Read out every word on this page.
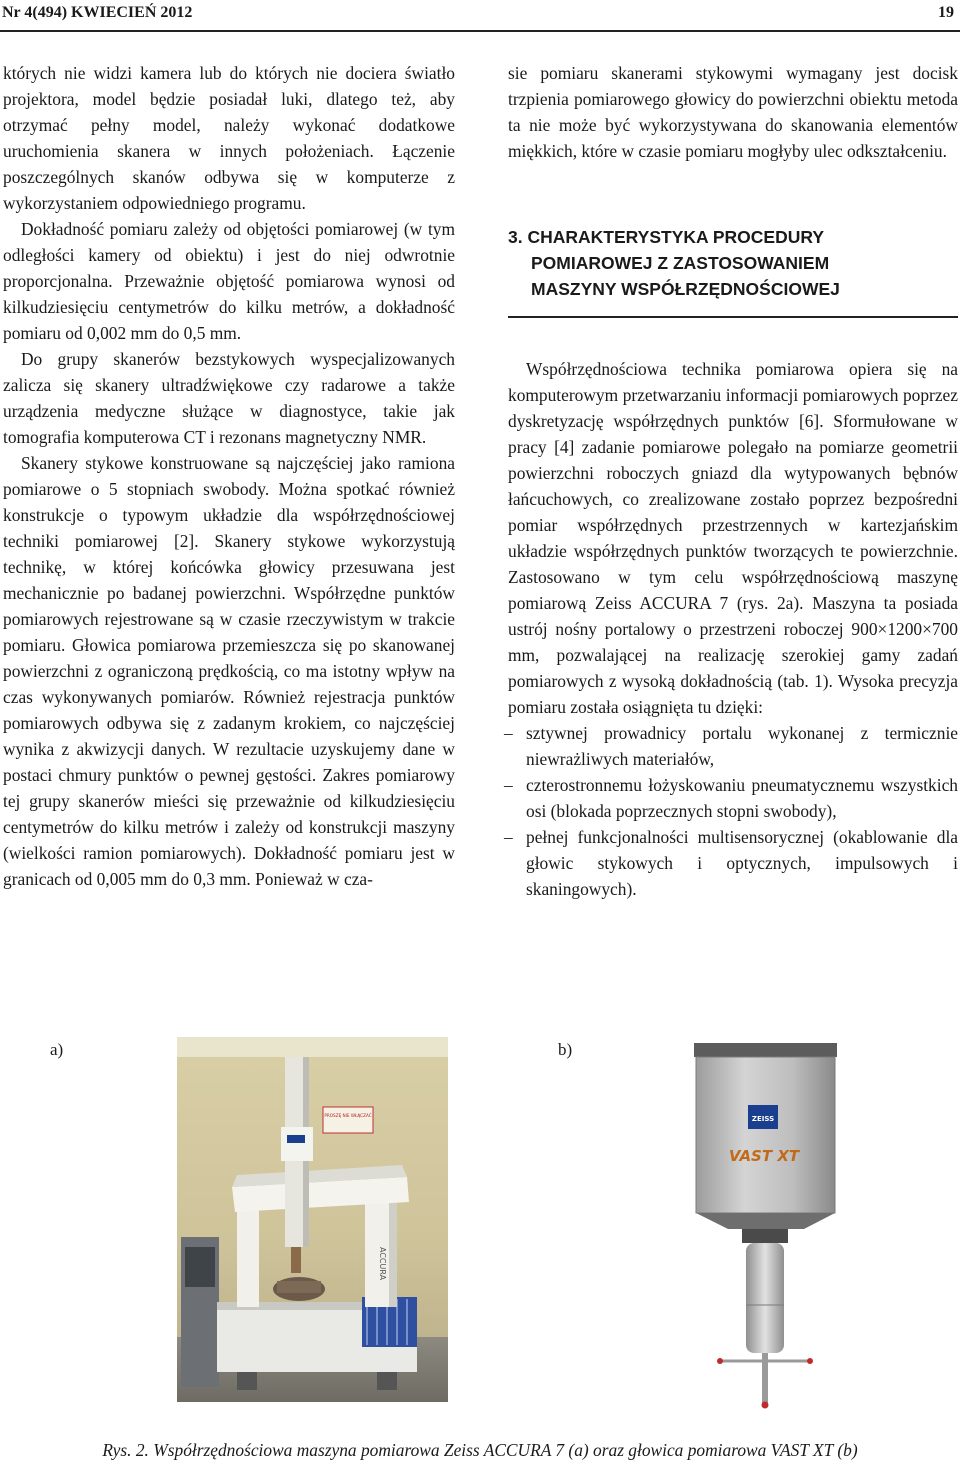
Nr 4(494) KWIECIEŃ 2012	19

których nie widzi kamera lub do których nie dociera światło projektora, model będzie posiadał luki, dlatego też, aby otrzymać pełny model, należy wykonać dodatkowe uruchomienia skanera w innych położeniach. Łączenie poszczególnych skanów odbywa się w komputerze z wykorzystaniem odpowiedniego programu.

Dokładność pomiaru zależy od objętości pomiarowej (w tym odległości kamery od obiektu) i jest do niej odwrotnie proporcjonalna. Przeważnie objętość pomiarowa wynosi od kilkudziesięciu centymetrów do kilku metrów, a dokładność pomiaru od 0,002 mm do 0,5 mm.

Do grupy skanerów bezstykowych wyspecjalizowanych zalicza się skanery ultradźwiękowe czy radarowe a także urządzenia medyczne służące w diagnostyce, takie jak tomografia komputerowa CT i rezonans magnetyczny NMR.

Skanery stykowe konstruowane są najczęściej jako ramiona pomiarowe o 5 stopniach swobody. Można spotkać również konstrukcje o typowym układzie dla współrzędnościowej techniki pomiarowej [2]. Skanery stykowe wykorzystują technikę, w której końcówka głowicy przesuwana jest mechanicznie po badanej powierzchni. Współrzędne punktów pomiarowych rejestrowane są w czasie rzeczywistym w trakcie pomiaru. Głowica pomiarowa przemieszcza się po skanowanej powierzchni z ograniczoną prędkością, co ma istotny wpływ na czas wykonywanych pomiarów. Również rejestracja punktów pomiarowych odbywa się z zadanym krokiem, co najczęściej wynika z akwizycji danych. W rezultacie uzyskujemy dane w postaci chmury punktów o pewnej gęstości. Zakres pomiarowy tej grupy skanerów mieści się przeważnie od kilkudziesięciu centymetrów do kilku metrów i zależy od konstrukcji maszyny (wielkości ramion pomiarowych). Dokładność pomiaru jest w granicach od 0,005 mm do 0,3 mm. Ponieważ w cza-

sie pomiaru skanerami stykowymi wymagany jest docisk trzpienia pomiarowego głowicy do powierzchni obiektu metoda ta nie może być wykorzystywana do skanowania elementów miękkich, które w czasie pomiaru mogłyby ulec odkształceniu.

3. CHARAKTERYSTYKA PROCEDURY
POMIAROWEJ Z ZASTOSOWANIEM
MASZYNY WSPÓŁRZĘDNOŚCIOWEJ

Współrzędnościowa technika pomiarowa opiera się na komputerowym przetwarzaniu informacji pomiarowych poprzez dyskretyzację współrzędnych punktów [6]. Sformułowane w pracy [4] zadanie pomiarowe polegało na pomiarze geometrii powierzchni roboczych gniazd dla wytypowanych bębnów łańcuchowych, co zrealizowane zostało poprzez bezpośredni pomiar współrzędnych przestrzennych w kartezjańskim układzie współrzędnych punktów tworzących te powierzchnie. Zastosowano w tym celu współrzędnościową maszynę pomiarową Zeiss ACCURA 7 (rys. 2a). Maszyna ta posiada ustrój nośny portalowy o przestrzeni roboczej 900×1200×700 mm, pozwalającej na realizację szerokiej gamy zadań pomiarowych z wysoką dokładnością (tab. 1). Wysoka precyzja pomiaru została osiągnięta tu dzięki:

– sztywnej prowadnicy portalu wykonanej z termicznie niewrażliwych materiałów,
– czterostronnemu łożyskowaniu pneumatycznemu wszystkich osi (blokada poprzecznych stopni swobody),
– pełnej funkcjonalności multisensorycznej (okablowanie dla głowic stykowych i optycznych, impulsowych i skaningowych).
a)	b)
PROSZĘ NIE WŁĄCZAĆ
ACCURA
ZEISS
VAST XT
Rys. 2. Współrzędnościowa maszyna pomiarowa Zeiss ACCURA 7 (a) oraz głowica pomiarowa VAST XT (b)
